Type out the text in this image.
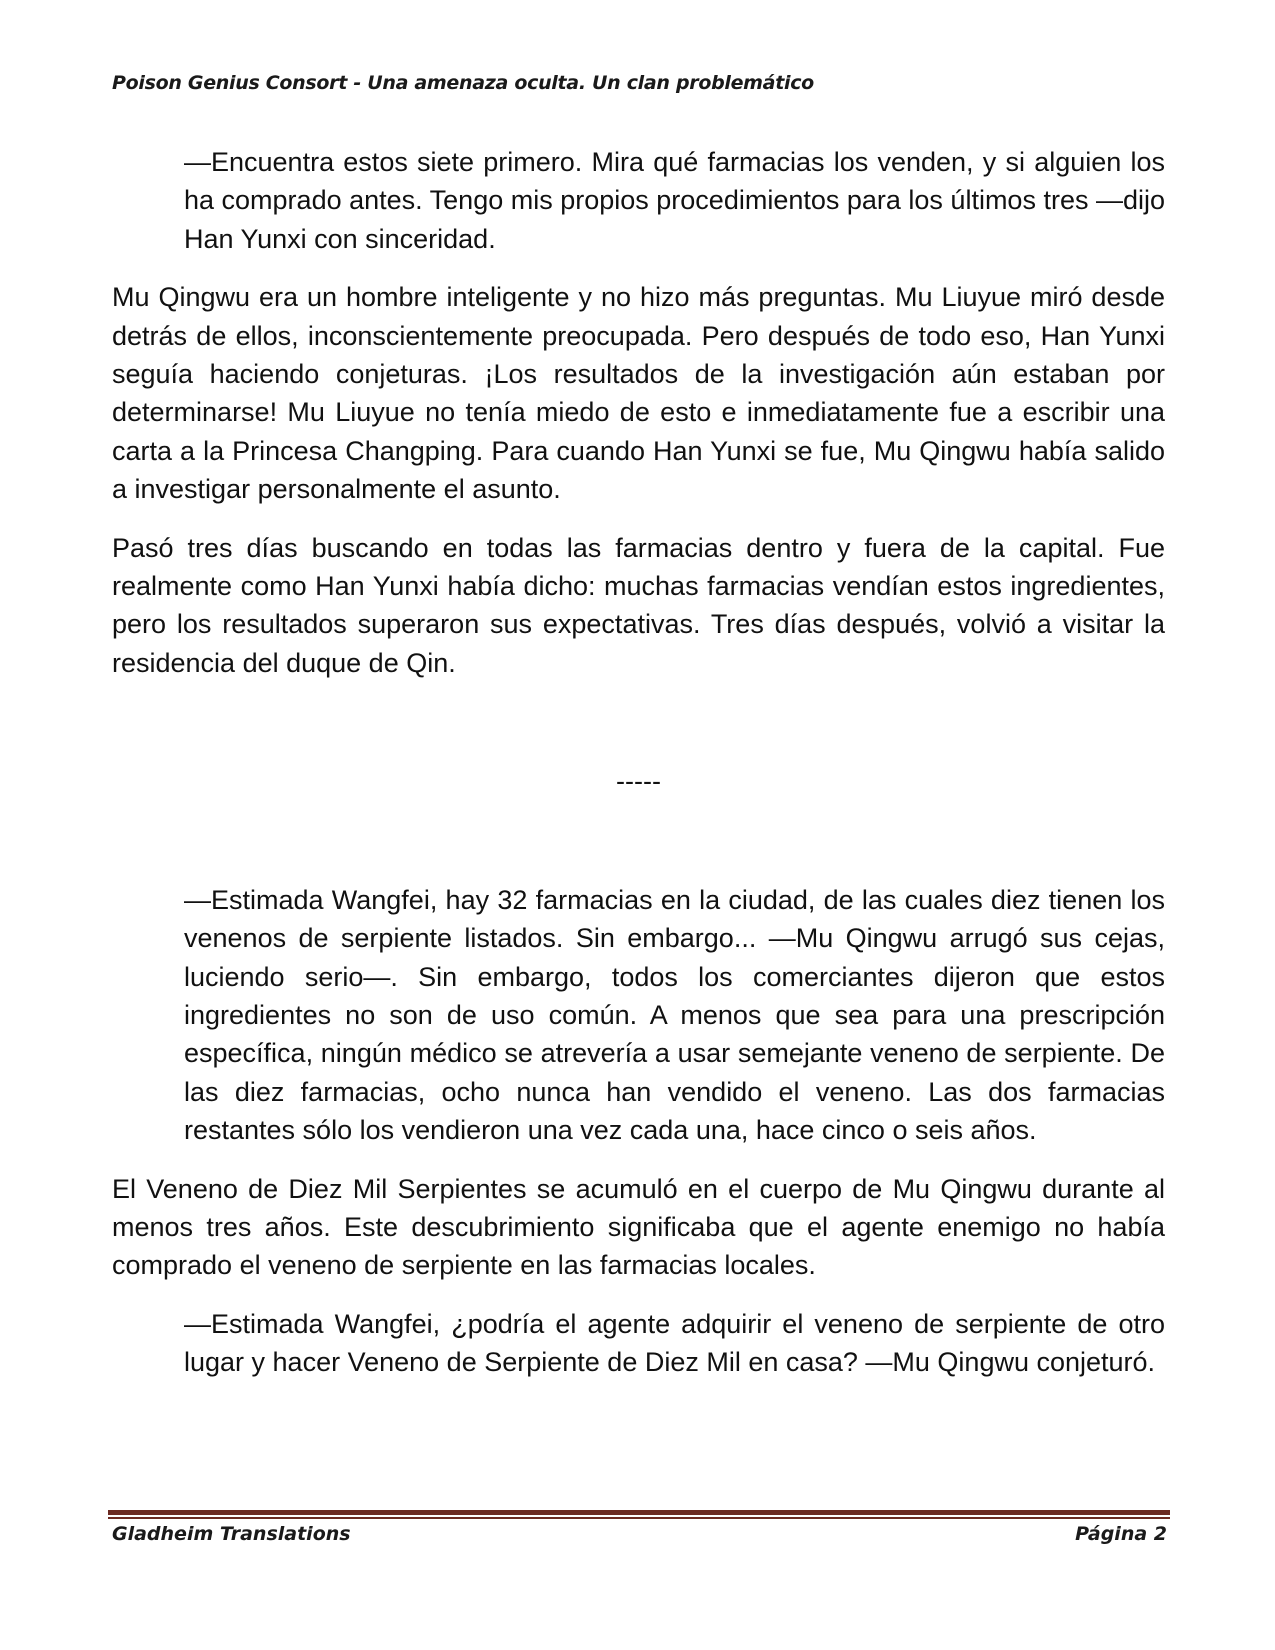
Poison Genius Consort - Una amenaza oculta. Un clan problemático

—Encuentra estos siete primero. Mira qué farmacias los venden, y si alguien los ha comprado antes. Tengo mis propios procedimientos para los últimos tres —dijo Han Yunxi con sinceridad.

Mu Qingwu era un hombre inteligente y no hizo más preguntas. Mu Liuyue miró desde detrás de ellos, inconscientemente preocupada. Pero después de todo eso, Han Yunxi seguía haciendo conjeturas. ¡Los resultados de la investigación aún estaban por determinarse! Mu Liuyue no tenía miedo de esto e inmediatamente fue a escribir una carta a la Princesa Changping. Para cuando Han Yunxi se fue, Mu Qingwu había salido a investigar personalmente el asunto.

Pasó tres días buscando en todas las farmacias dentro y fuera de la capital. Fue realmente como Han Yunxi había dicho: muchas farmacias vendían estos ingredientes, pero los resultados superaron sus expectativas. Tres días después, volvió a visitar la residencia del duque de Qin.

-----

—Estimada Wangfei, hay 32 farmacias en la ciudad, de las cuales diez tienen los venenos de serpiente listados. Sin embargo... —Mu Qingwu arrugó sus cejas, luciendo serio—. Sin embargo, todos los comerciantes dijeron que estos ingredientes no son de uso común. A menos que sea para una prescripción específica, ningún médico se atrevería a usar semejante veneno de serpiente. De las diez farmacias, ocho nunca han vendido el veneno. Las dos farmacias restantes sólo los vendieron una vez cada una, hace cinco o seis años.

El Veneno de Diez Mil Serpientes se acumuló en el cuerpo de Mu Qingwu durante al menos tres años. Este descubrimiento significaba que el agente enemigo no había comprado el veneno de serpiente en las farmacias locales.

—Estimada Wangfei, ¿podría el agente adquirir el veneno de serpiente de otro lugar y hacer Veneno de Serpiente de Diez Mil en casa? —Mu Qingwu conjeturó.

Gladheim Translations	Página 2
